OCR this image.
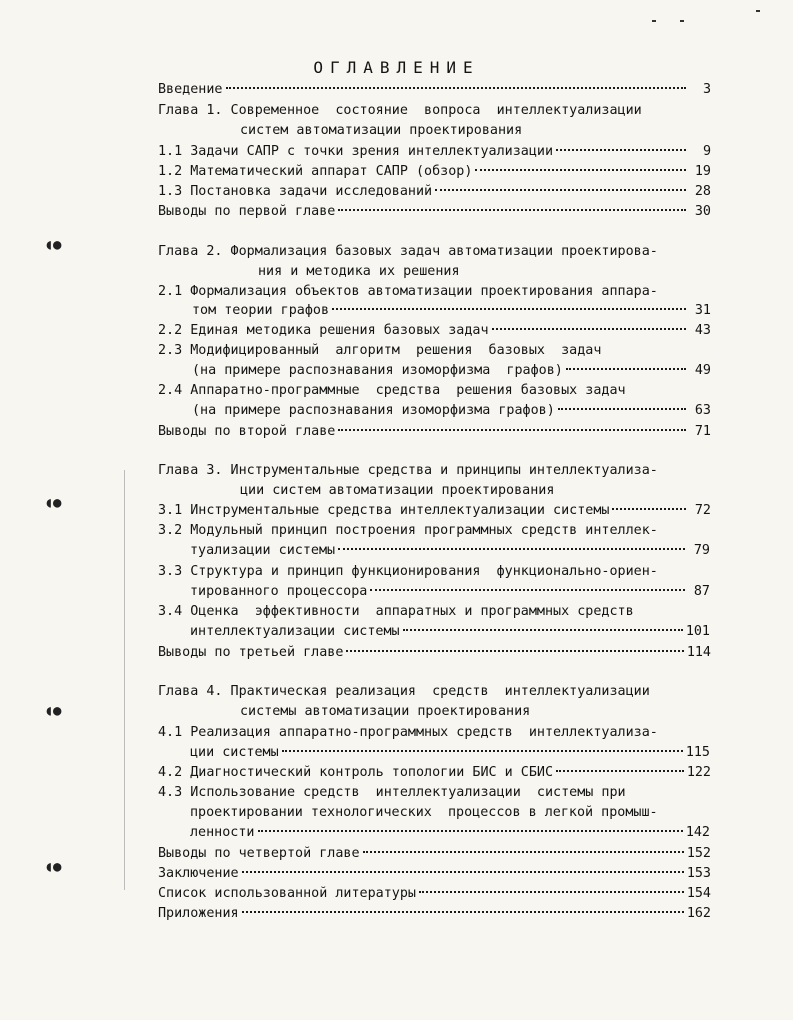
◖●
◖●
◖●
◖●
ОГЛАВЛЕНИЕ
Введение	3
Глава 1. Современное  состояние  вопроса  интеллектуализации
систем автоматизации проектирования
1.1 Задачи САПР с точки зрения интеллектуализации	9
1.2 Математический аппарат САПР (обзор)	19
1.3 Постановка задачи исследований	28
Выводы по первой главе	30
Глава 2. Формализация базовых задач автоматизации проектирова-
ния и методика их решения
2.1 Формализация объектов автоматизации проектирования аппара-
том теории графов	31
2.2 Единая методика решения базовых задач	43
2.3 Модифицированный  алгоритм  решения  базовых  задач
(на примере распознавания изоморфизма  графов)	49
2.4 Аппаратно-программные  средства  решения базовых задач
(на примере распознавания изоморфизма графов)	63
Выводы по второй главе	71
Глава 3. Инструментальные средства и принципы интеллектуализа-
ции систем автоматизации проектирования
3.1 Инструментальные средства интеллектуализации системы	72
3.2 Модульный принцип построения программных средств интеллек-
туализации системы	79
3.3 Структура и принцип функционирования  функционально-ориен-
тированного процессора	87
3.4 Оценка  эффективности  аппаратных и программных средств
интеллектуализации системы	101
Выводы по третьей главе	114
Глава 4. Практическая реализация  средств  интеллектуализации
системы автоматизации проектирования
4.1 Реализация аппаратно-программных средств  интеллектуализа-
ции системы	115
4.2 Диагностический контроль топологии БИС и СБИС	122
4.3 Использование средств  интеллектуализации  системы при
проектировании технологических  процессов в легкой промыш-
ленности	142
Выводы по четвертой главе	152
Заключение	153
Список использованной литературы	154
Приложения	162
